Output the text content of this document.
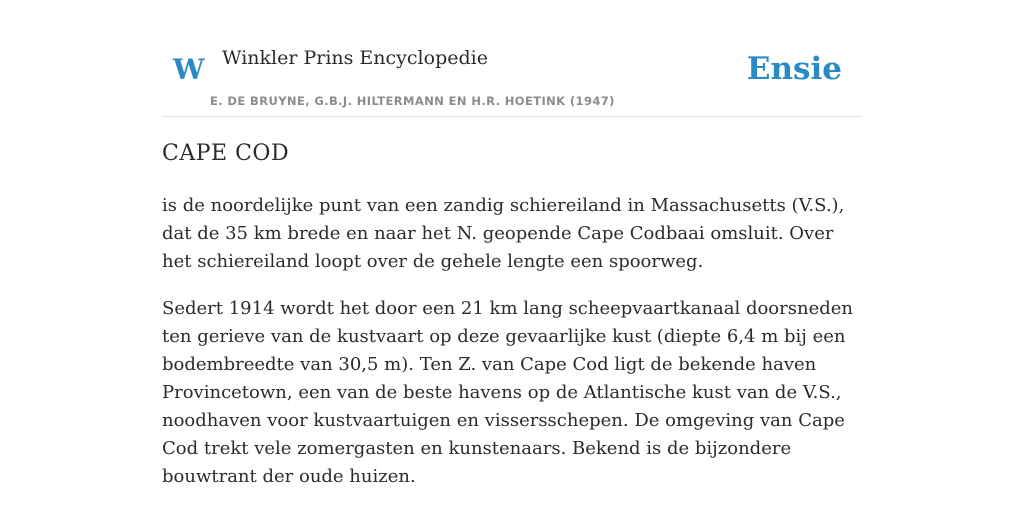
W Winkler Prins Encyclopedie
E. DE BRUYNE, G.B.J. HILTERMANN EN H.R. HOETINK (1947)
Ensie
CAPE COD

is de noordelijke punt van een zandig schiereiland in Massachusetts (V.S.), dat de 35 km brede en naar het N. geopende Cape Codbaai omsluit. Over het schiereiland loopt over de gehele lengte een spoorweg.

Sedert 1914 wordt het door een 21 km lang scheepvaartkanaal doorsneden ten gerieve van de kustvaart op deze gevaarlijke kust (diepte 6,4 m bij een bodembreedte van 30,5 m). Ten Z. van Cape Cod ligt de bekende haven Provincetown, een van de beste havens op de Atlantische kust van de V.S., noodhaven voor kustvaartuigen en vissersschepen. De omgeving van Cape Cod trekt vele zomergasten en kunstenaars. Bekend is de bijzondere bouwtrant der oude huizen.
